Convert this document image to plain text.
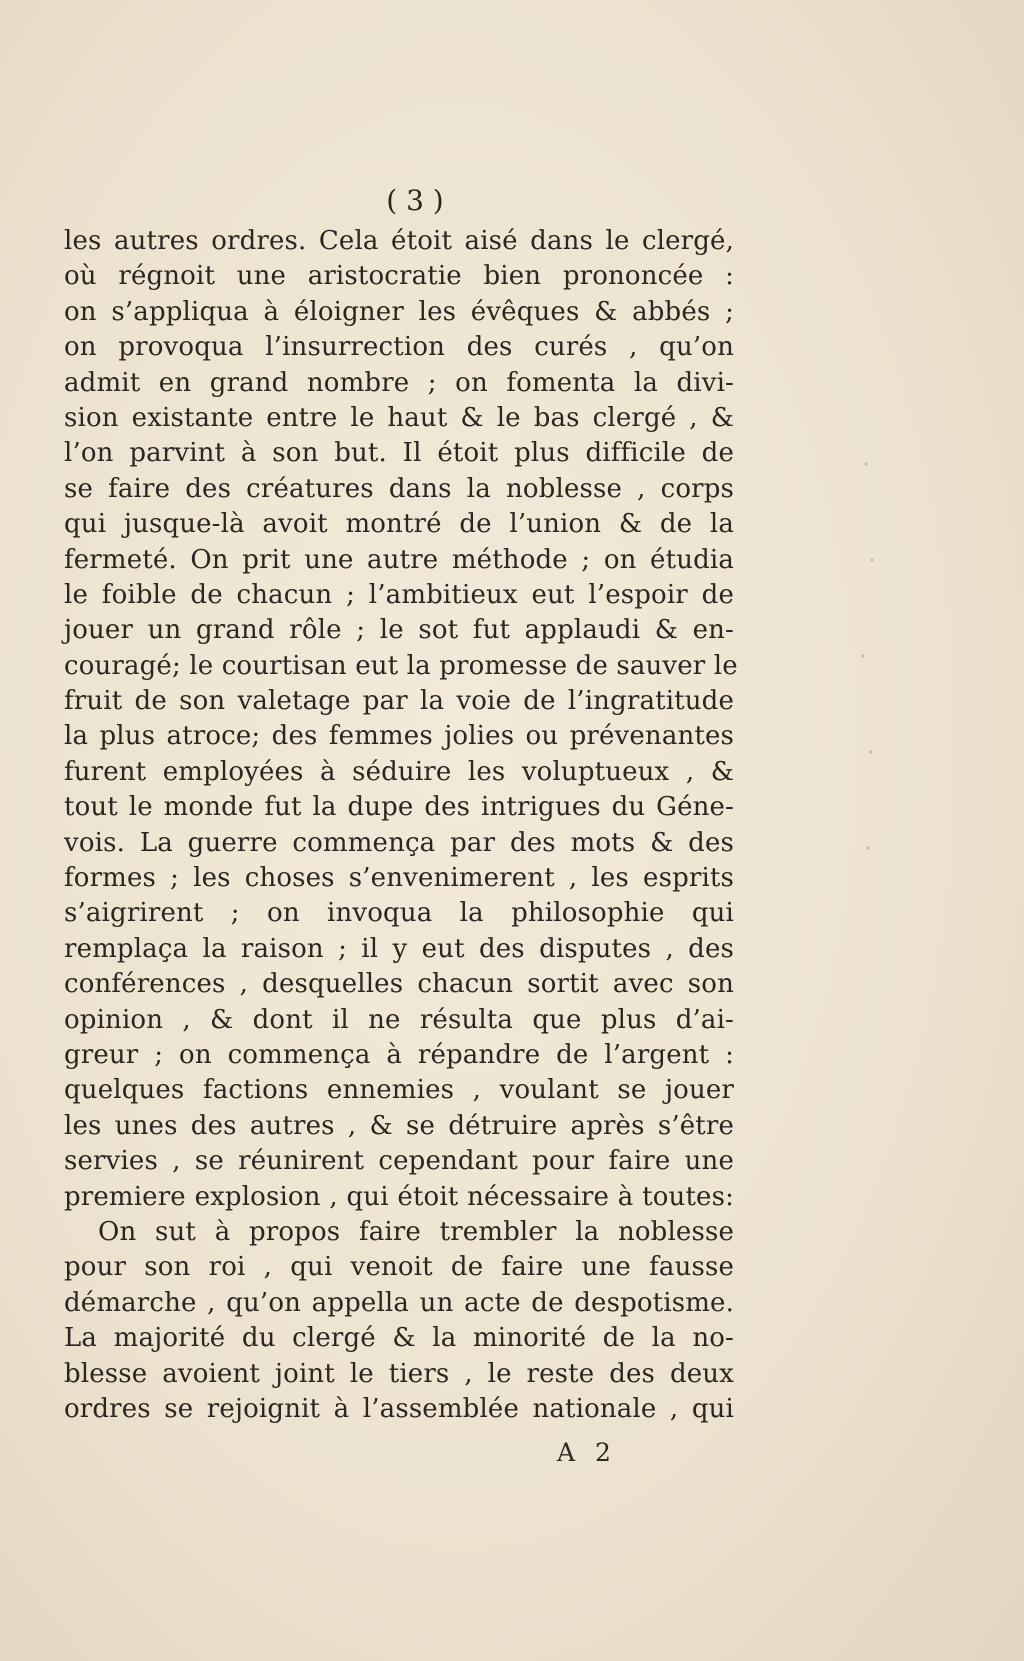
( 3 )
les autres ordres. Cela étoit aisé dans le clergé,
où régnoit une aristocratie bien prononcée :
on s’appliqua à éloigner les évêques & abbés ;
on provoqua l’insurrection des curés , qu’on
admit en grand nombre ; on fomenta la divi-
sion existante entre le haut & le bas clergé , &
l’on parvint à son but. Il étoit plus difficile de
se faire des créatures dans la noblesse , corps
qui jusque-là avoit montré de l’union & de la
fermeté. On prit une autre méthode ; on étudia
le foible de chacun ; l’ambitieux eut l’espoir de
jouer un grand rôle ; le sot fut applaudi & en-
couragé; le courtisan eut la promesse de sauver le
fruit de son valetage par la voie de l’ingratitude
la plus atroce; des femmes jolies ou prévenantes
furent employées à séduire les voluptueux , &
tout le monde fut la dupe des intrigues du Géne-
vois. La guerre commença par des mots & des
formes ; les choses s’envenimerent , les esprits
s’aigrirent ; on invoqua la philosophie qui
remplaça la raison ; il y eut des disputes , des
conférences , desquelles chacun sortit avec son
opinion , & dont il ne résulta que plus d’ai-
greur ; on commença à répandre de l’argent :
quelques factions ennemies , voulant se jouer
les unes des autres , & se détruire après s’être
servies , se réunirent cependant pour faire une
premiere explosion , qui étoit nécessaire à toutes:
On sut à propos faire trembler la noblesse
pour son roi , qui venoit de faire une fausse
démarche , qu’on appella un acte de despotisme.
La majorité du clergé & la minorité de la no-
blesse avoient joint le tiers , le reste des deux
ordres se rejoignit à l’assemblée nationale , qui
A 2
